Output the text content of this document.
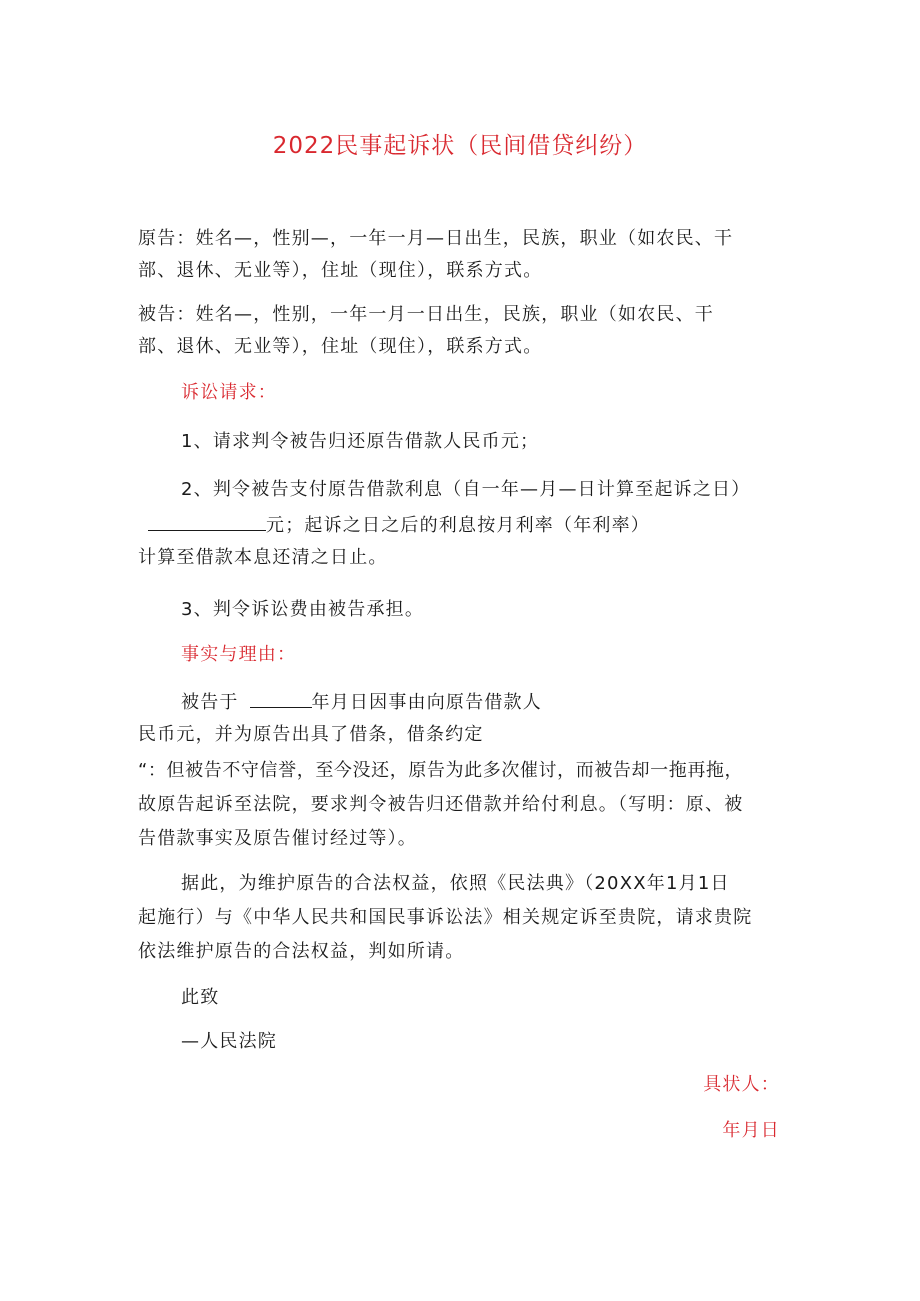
2022民事起诉状（民间借贷纠纷）
原告：姓名—，性别—，一年一月—日出生，民族，职业（如农民、干
部、退休、无业等），住址（现住），联系方式。
被告：姓名—，性别，一年一月一日出生，民族，职业（如农民、干
部、退休、无业等），住址（现住），联系方式。
诉讼请求：
1、请求判令被告归还原告借款人民币元；
2、判令被告支付原告借款利息（自一年—月—日计算至起诉之日）
元；起诉之日之后的利息按月利率（年利率）
计算至借款本息还清之日止。
3、判令诉讼费由被告承担。
事实与理由：
被告于	年月日因事由向原告借款人
民币元，并为原告出具了借条，借条约定
“：但被告不守信誉，至今没还，原告为此多次催讨，而被告却一拖再拖，
故原告起诉至法院，要求判令被告归还借款并给付利息。（写明：原、被
告借款事实及原告催讨经过等）。
据此，为维护原告的合法权益，依照《民法典》（20XX年1月1日
起施行）与《中华人民共和国民事诉讼法》相关规定诉至贵院，请求贵院
依法维护原告的合法权益，判如所请。
此致
—人民法院
具状人：
年月日
